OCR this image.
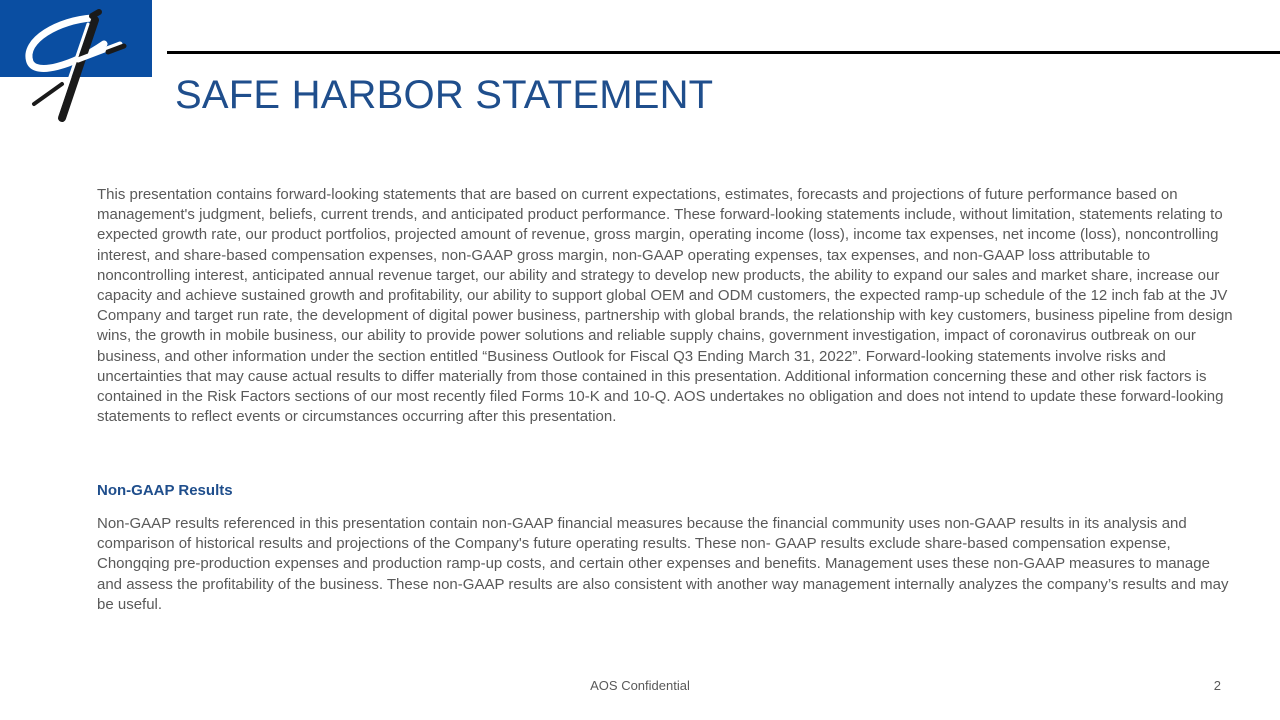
SAFE HARBOR STATEMENT
This presentation contains forward-looking statements that are based on current expectations, estimates, forecasts and projections of future performance based on management's judgment, beliefs, current trends, and anticipated product performance. These forward-looking statements include, without limitation, statements relating to expected growth rate, our product portfolios, projected amount of revenue, gross margin, operating income (loss), income tax expenses, net income (loss), noncontrolling interest, and share-based compensation expenses, non-GAAP gross margin, non-GAAP operating expenses, tax expenses, and non-GAAP loss attributable to noncontrolling interest, anticipated annual revenue target, our ability and strategy to develop new products, the ability to expand our sales and market share, increase our capacity and achieve sustained growth and profitability, our ability to support global OEM and ODM customers, the expected ramp-up schedule of the 12 inch fab at the JV Company and target run rate, the development of digital power business, partnership with global brands, the relationship with key customers, business pipeline from design wins, the growth in mobile business, our ability to provide power solutions and reliable supply chains, government investigation, impact of coronavirus outbreak on our business, and other information under the section entitled “Business Outlook for Fiscal Q3 Ending March 31, 2022”. Forward-looking statements involve risks and uncertainties that may cause actual results to differ materially from those contained in this presentation. Additional information concerning these and other risk factors is contained in the Risk Factors sections of our most recently filed Forms 10-K and 10-Q. AOS undertakes no obligation and does not intend to update these forward-looking statements to reflect events or circumstances occurring after this presentation.
Non-GAAP Results
Non-GAAP results referenced in this presentation contain non-GAAP financial measures because the financial community uses non-GAAP results in its analysis and comparison of historical results and projections of the Company's future operating results. These non- GAAP results exclude share-based compensation expense, Chongqing pre-production expenses and production ramp-up costs, and certain other expenses and benefits. Management uses these non-GAAP measures to manage and assess the profitability of the business. These non-GAAP results are also consistent with another way management internally analyzes the company’s results and may be useful.
AOS Confidential	2
